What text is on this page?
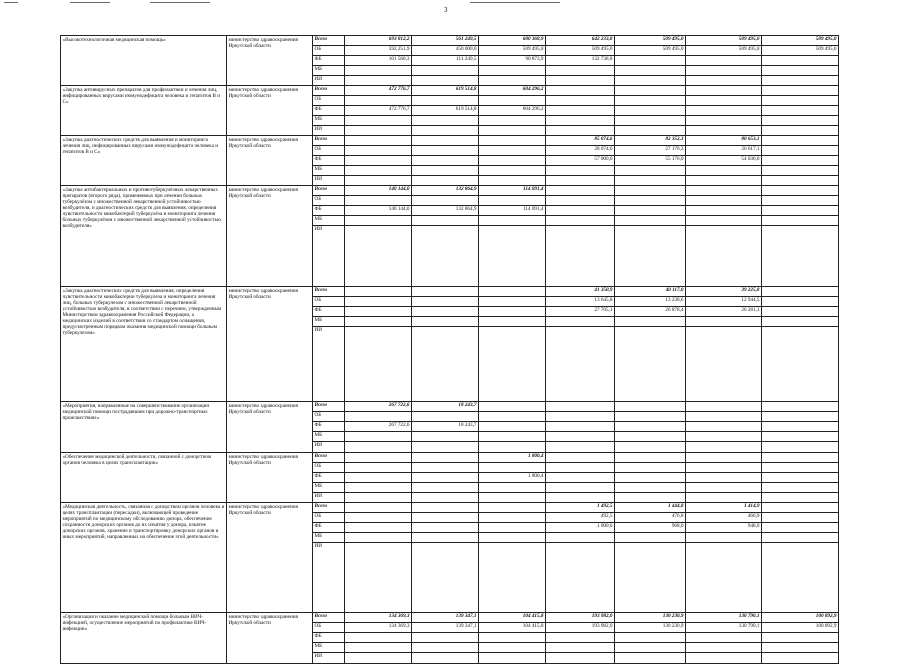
3
«Высокотехнологичная медицинская помощь»	министерство здравоохранения Иркутской области	Всего	693 812,2	561 249,5	600 368,9	642 233,8	509 495,0	509 495,0	509 495,0
		ОБ	592 251,9	450 000,0	509 495,0	509 495,0	509 495,0	509 495,0	509 495,0
		ФБ	101 560,3	111 249,5	90 873,9	132 738,8			
		МБ							
		ИИ							
«Закупка антивирусных препаратов для профилактики и лечения лиц, инфицированных вирусами иммунодефицита человека и гепатитов В и С»	министерство здравоохранения Иркутской области	Всего	472 776,7	619 514,8	604 296,2				
		ОБ							
		ФБ	472 776,7	619 514,8	604 296,2				
		МБ							
		ИИ							
«Закупка диагностических средств для выявления и мониторинга лечения лиц, инфицированных вирусами иммунодефицита человека и гепатитов В и С»	министерство здравоохранения Иркутской области	Всего				85 074,6	82 352,3	80 653,1	
		ОБ				28 074,6	27 176,3	26 617,1	
		ФБ				57 000,0	55 176,0	54 036,0	
		МБ							
		ИИ							
«Закупка антибактериальных и противотуберкулёзных лекарственных препаратов (второго ряда), применяемых при лечении больных туберкулёзом с множественной лекарственной устойчивостью возбудителя, и диагностических средств для выявления, определения чувствительности микобактерий туберкулёза и мониторинга лечения больных туберкулёзом с множественной лекарственной устойчивостью возбудителя»	министерство здравоохранения Иркутской области	Всего	140 144,0	132 864,9	114 091,4				
		ОБ							
		ФБ	140 144,0	132 864,9	114 091,4				
		МБ							
		ИИ							
«Закупка диагностических средств для выявления, определения чувствительности микобактерии туберкулеза и мониторинга лечения лиц, больных туберкулезом с множественной лекарственной устойчивостью возбудителя, в соответствии с перечнем, утвержденным Министерством здравоохранения Российской Федерации, а медицинских изделий в соответствии со стандартом оснащения, предусмотренным порядком оказания медицинской помощи больным туберкулезом»	министерство здравоохранения Иркутской области	Всего				41 350,9	40 117,0	39 225,8	
		ОБ				13 645,8	13 238,6	12 944,5	
		ФБ				27 705,1	26 878,4	26 281,3	
		МБ							
		ИИ							
«Мероприятия, направленные на совершенствование организации медицинской помощи пострадавшим при дорожно-транспортных происшествиях»	министерство здравоохранения Иркутской области	Всего	267 722,6	18 243,7					
		ОБ							
		ФБ	267 722,6	18 243,7					
		МБ							
		ИИ							
«Обеспечение медицинской деятельности, связанной с донорством органов человека в целях трансплантации»	министерство здравоохранения Иркутской области	Всего			1 800,4				
		ОБ							
		ФБ			1 800,4				
		МБ							
		ИИ							
«Медицинская деятельность, связанная с донорством органов человека в целях трансплантации (пересадки), включающей проведение мероприятий по медицинскому обследованию донора, обеспечение сохранности донорских органов до их изъятия у донора, изъятие донорских органов, хранение и транспортировку донорских органов и иных мероприятий, направленных на обеспечение этой деятельности»	министерство здравоохранения Иркутской области	Всего				1 492,5	1 444,8	1 414,9	
		ОБ				492,5	476,8	466,9	
		ФБ				1 000,0	968,0	948,0	
		МБ							
		ИИ							
«Организация и оказание медицинской помощи больным ВИЧ-инфекцией, осуществление мероприятий по профилактике ВИЧ-инфекции»	министерство здравоохранения Иркутской области	Всего	134 369,3	139 347,1	104 415,8	193 982,0	130 230,9	130 790,1	100 892,9
		ОБ	134 369,3	139 347,1	104 415,8	193 982,0	130 230,9	130 790,1	100 892,9
		ФБ							
		МБ							
		ИИ							
